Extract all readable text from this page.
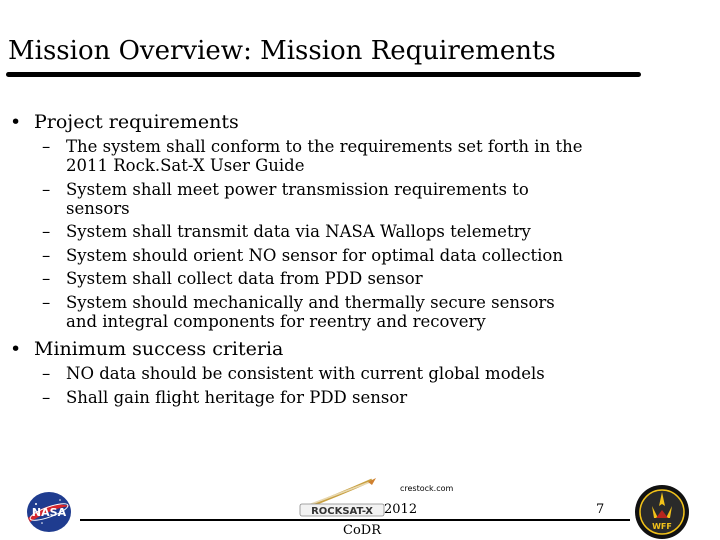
Mission Overview: Mission Requirements
• Project requirements
– The system shall conform to the requirements set forth in the
2011 Rock.Sat-X User Guide
– System shall meet power transmission requirements to
sensors
– System shall transmit data via NASA Wallops telemetry
– System should orient NO sensor for optimal data collection
– System shall collect data from PDD sensor
– System should mechanically and thermally secure sensors
and integral components for reentry and recovery
• Minimum success criteria
– NO data should be consistent with current global models
– Shall gain flight heritage for PDD sensor
NASA	ROCKSAT-X
WFF
crestock.com
2012	7
CoDR
